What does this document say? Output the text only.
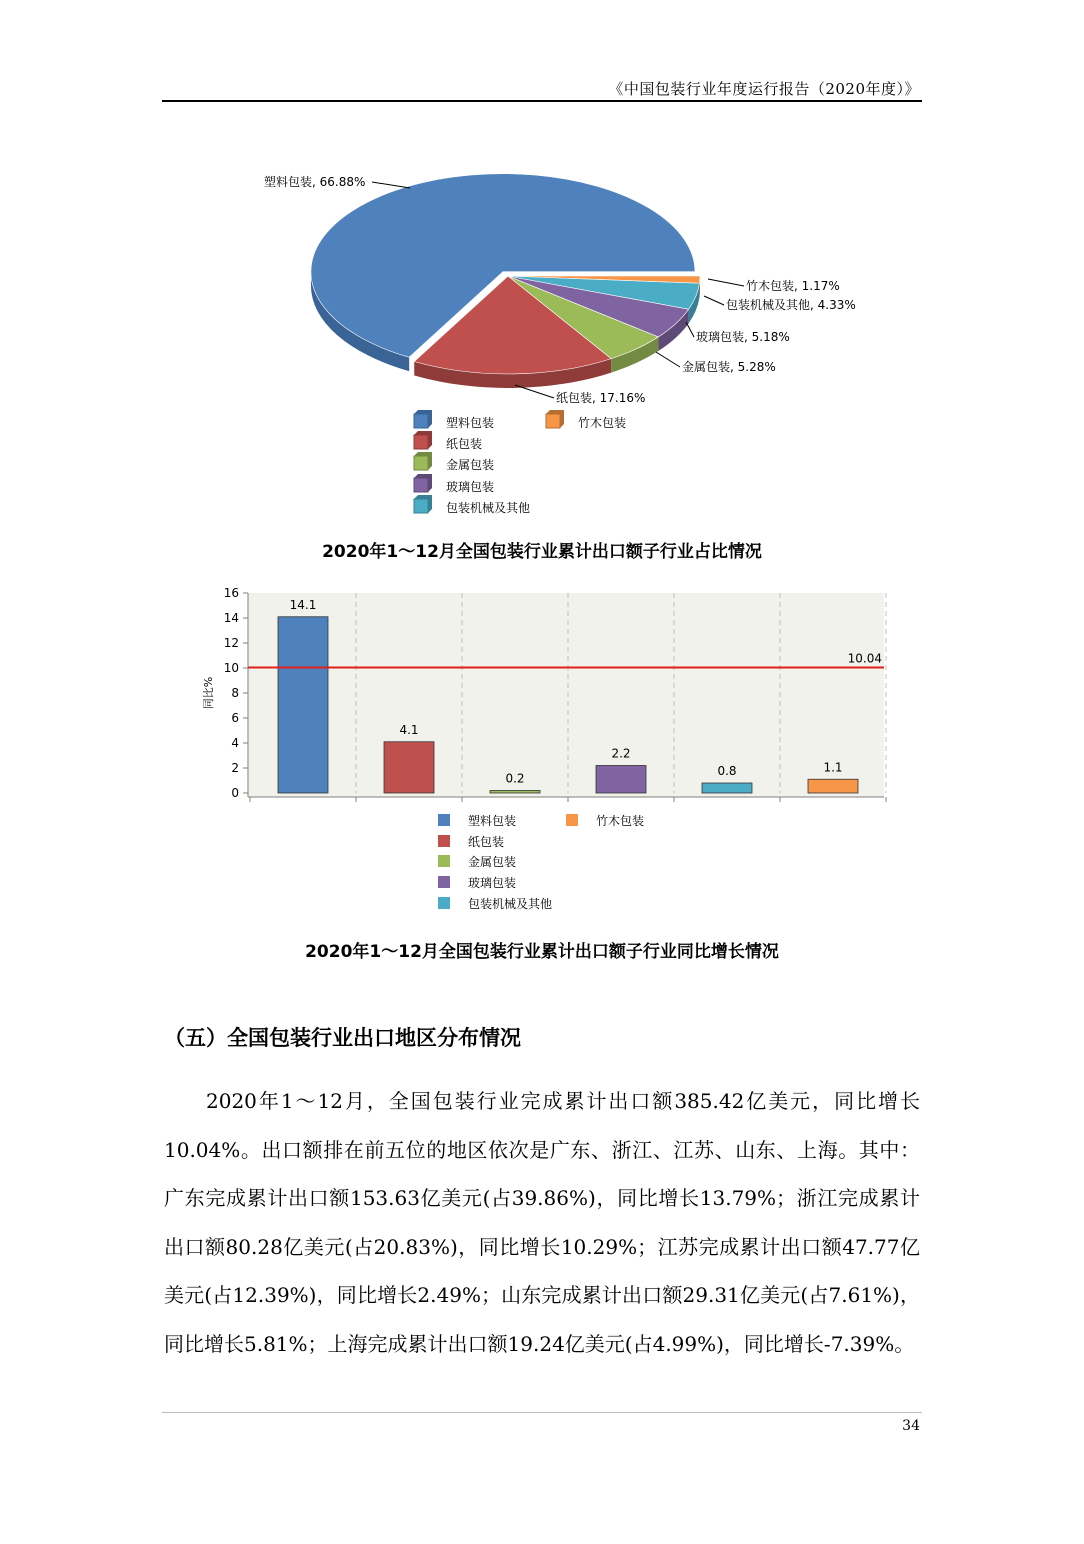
《中国包装行业年度运行报告（2020年度）》
塑料包装, 66.88%
纸包装, 17.16%
金属包装, 5.28%
玻璃包装, 5.18%
包装机械及其他, 4.33%
竹木包装, 1.17%
塑料包装
纸包装
金属包装
玻璃包装
包装机械及其他
竹木包装
2020年1～12月全国包装行业累计出口额子行业占比情况
0
2
4
6
8
10
12
14
16
同比%
14.1
4.1
0.2
2.2
0.8	1.1
10.04
塑料包装
纸包装
金属包装
玻璃包装
包装机械及其他
竹木包装
2020年1～12月全国包装行业累计出口额子行业同比增长情况
（五）全国包装行业出口地区分布情况

2020年1～12月，全国包装行业完成累计出口额385.42亿美元，同比增长10.04%。出口额排在前五位的地区依次是广东、浙江、江苏、山东、上海。其中：广东完成累计出口额153.63亿美元(占39.86%)，同比增长13.79%；浙江完成累计出口额80.28亿美元(占20.83%)，同比增长10.29%；江苏完成累计出口额47.77亿美元(占12.39%)，同比增长2.49%；山东完成累计出口额29.31亿美元(占7.61%)，同比增长5.81%；上海完成累计出口额19.24亿美元(占4.99%)，同比增长-7.39%。

34
